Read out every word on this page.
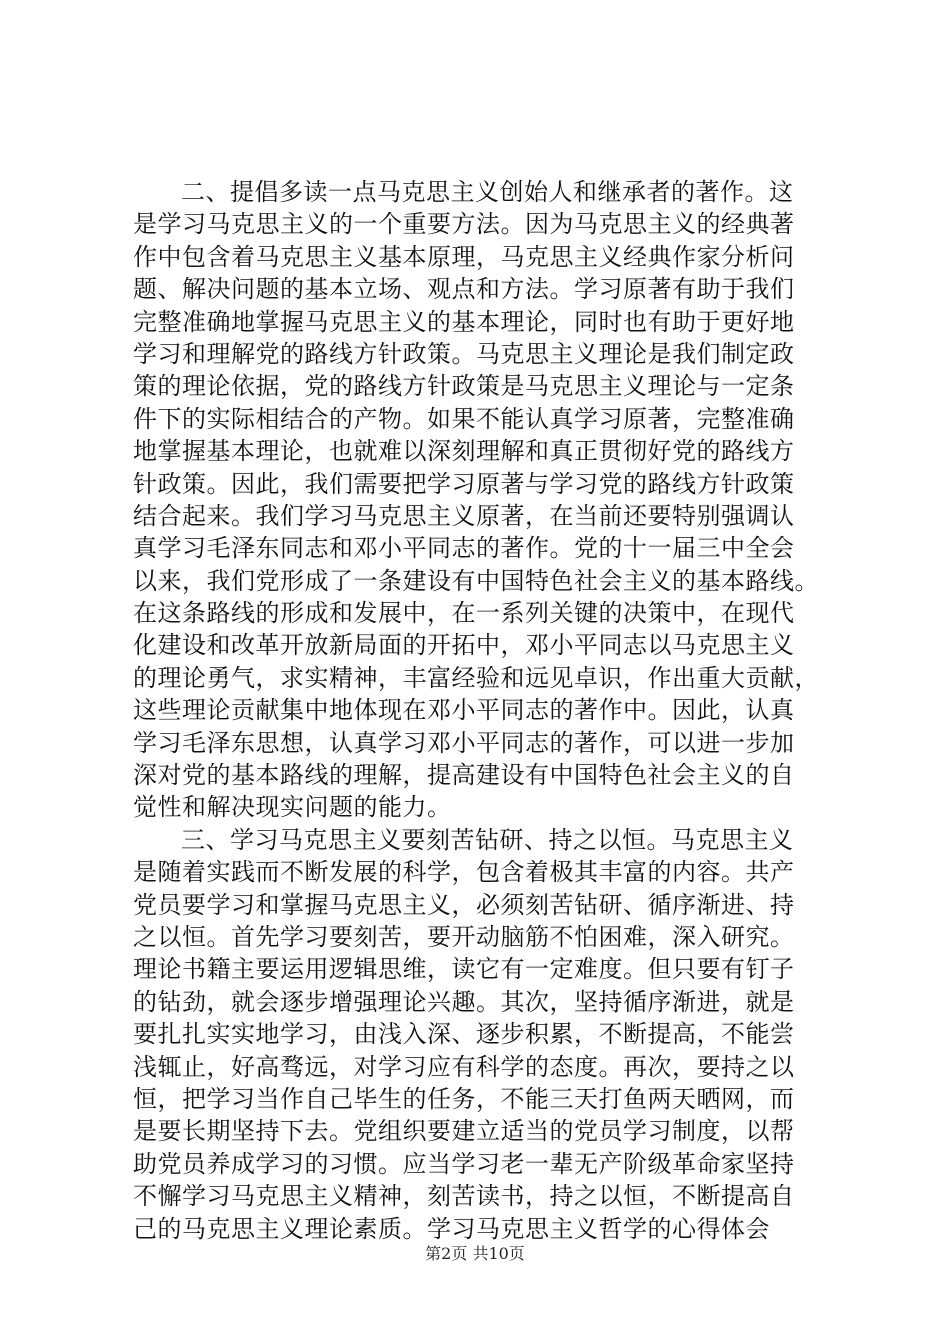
二、提倡多读一点马克思主义创始人和继承者的著作。这
是学习马克思主义的一个重要方法。因为马克思主义的经典著
作中包含着马克思主义基本原理，马克思主义经典作家分析问
题、解决问题的基本立场、观点和方法。学习原著有助于我们
完整准确地掌握马克思主义的基本理论，同时也有助于更好地
学习和理解党的路线方针政策。马克思主义理论是我们制定政
策的理论依据，党的路线方针政策是马克思主义理论与一定条
件下的实际相结合的产物。如果不能认真学习原著，完整准确
地掌握基本理论，也就难以深刻理解和真正贯彻好党的路线方
针政策。因此，我们需要把学习原著与学习党的路线方针政策
结合起来。我们学习马克思主义原著，在当前还要特别强调认
真学习毛泽东同志和邓小平同志的著作。党的十一届三中全会
以来，我们党形成了一条建设有中国特色社会主义的基本路线。
在这条路线的形成和发展中，在一系列关键的决策中，在现代
化建设和改革开放新局面的开拓中，邓小平同志以马克思主义
的理论勇气，求实精神，丰富经验和远见卓识，作出重大贡献，
这些理论贡献集中地体现在邓小平同志的著作中。因此，认真
学习毛泽东思想，认真学习邓小平同志的著作，可以进一步加
深对党的基本路线的理解，提高建设有中国特色社会主义的自
觉性和解决现实问题的能力。
三、学习马克思主义要刻苦钻研、持之以恒。马克思主义
是随着实践而不断发展的科学，包含着极其丰富的内容。共产
党员要学习和掌握马克思主义，必须刻苦钻研、循序渐进、持
之以恒。首先学习要刻苦，要开动脑筋不怕困难，深入研究。
理论书籍主要运用逻辑思维，读它有一定难度。但只要有钉子
的钻劲，就会逐步增强理论兴趣。其次，坚持循序渐进，就是
要扎扎实实地学习，由浅入深、逐步积累，不断提高，不能尝
浅辄止，好高骛远，对学习应有科学的态度。再次，要持之以
恒，把学习当作自己毕生的任务，不能三天打鱼两天晒网，而
是要长期坚持下去。党组织要建立适当的党员学习制度，以帮
助党员养成学习的习惯。应当学习老一辈无产阶级革命家坚持
不懈学习马克思主义精神，刻苦读书，持之以恒，不断提高自
己的马克思主义理论素质。学习马克思主义哲学的心得体会
第2页 共10页
